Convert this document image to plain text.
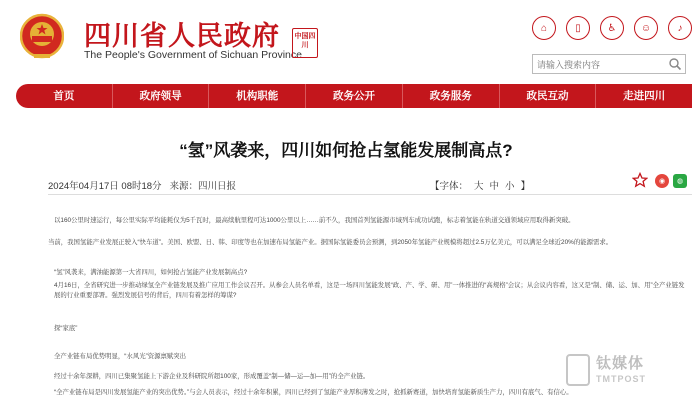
四川省人民政府
The People's Government of Sichuan Province
中国四川
⌂	▯	♿	☺	♪
请输入搜索内容
首页	政府领导	机构职能	政务公开	政务服务	政民互动	走进四川
“氢”风袭来，四川如何抢占氢能发展制高点?
2024年04月17日 08时18分 来源：四川日报	【字体： 大 中 小 】	◉	◍

以160公里时速运行，每公里实际平均能耗仅为5千瓦时，最高续航里程可达1000公里以上……前不久，我国首列氢能源市域列车成功试跑，标志着氢能在轨道交通领域应用取得新突破。

当前，我国氢能产业发展正驶入“快车道”。美国、欧盟、日、韩、印度等也在加速布局氢能产业。据国际氢能委员会预测，到2050年氢能产业规模将超过2.5万亿美元，可以满足全球近20%的能源需求。

“氢”风袭来，满油能源第一大省四川，如何抢占氢能产业发展制高点?

4月16日，全省研究进一步推动绿氢全产业链发展及推广应用工作会议召开。从参会人员名单看，这是一场四川氢能发展“政、产、学、研、用”一体推进的“高规格”会议；从会议内容看，这又是“制、储、运、加、用”全产业链发展的行业重要部署。强烈发展信号的背后，四川有着怎样的筹谋?

探“家底”

全产业链布局优势明显，“水风光”资源禀赋突出

经过十余年深耕，四川已集聚氢能上下游企业及科研院所超100家，形成覆盖“制—储—运—加—用”的全产业链。

“全产业链布局是四川发展氢能产业的突出优势。”与会人员表示，经过十余年积累，四川已经到了氢能产业厚积薄发之时，抢抓新赛道，加快培育氢能新质生产力，四川有底气、有信心。

钛媒体
TMTPOST
